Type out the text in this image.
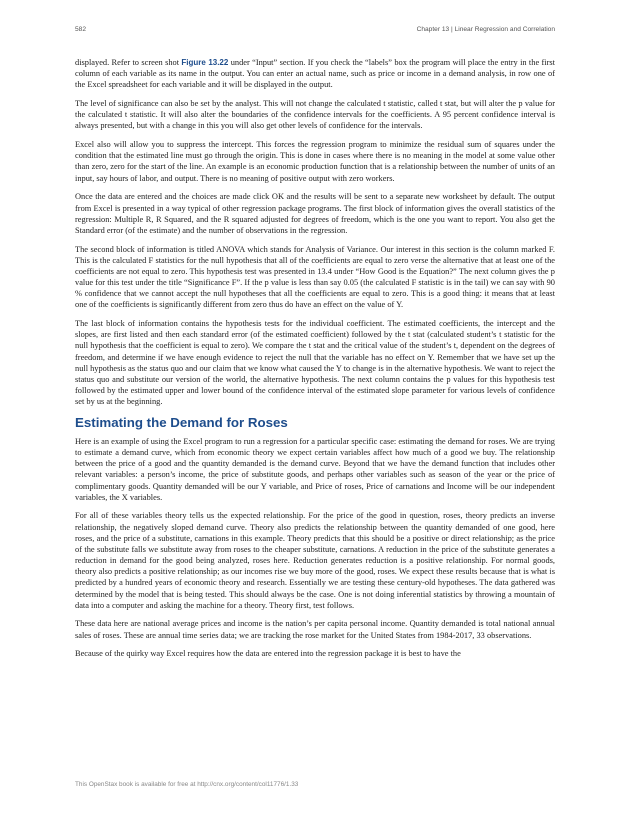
582	Chapter 13 | Linear Regression and Correlation

displayed. Refer to screen shot Figure 13.22 under “Input” section. If you check the “labels” box the program will place the entry in the first column of each variable as its name in the output. You can enter an actual name, such as price or income in a demand analysis, in row one of the Excel spreadsheet for each variable and it will be displayed in the output.

The level of significance can also be set by the analyst. This will not change the calculated t statistic, called t stat, but will alter the p value for the calculated t statistic. It will also alter the boundaries of the confidence intervals for the coefficients. A 95 percent confidence interval is always presented, but with a change in this you will also get other levels of confidence for the intervals.

Excel also will allow you to suppress the intercept. This forces the regression program to minimize the residual sum of squares under the condition that the estimated line must go through the origin. This is done in cases where there is no meaning in the model at some value other than zero, zero for the start of the line. An example is an economic production function that is a relationship between the number of units of an input, say hours of labor, and output. There is no meaning of positive output with zero workers.

Once the data are entered and the choices are made click OK and the results will be sent to a separate new worksheet by default. The output from Excel is presented in a way typical of other regression package programs. The first block of information gives the overall statistics of the regression: Multiple R, R Squared, and the R squared adjusted for degrees of freedom, which is the one you want to report. You also get the Standard error (of the estimate) and the number of observations in the regression.

The second block of information is titled ANOVA which stands for Analysis of Variance. Our interest in this section is the column marked F. This is the calculated F statistics for the null hypothesis that all of the coefficients are equal to zero verse the alternative that at least one of the coefficients are not equal to zero. This hypothesis test was presented in 13.4 under “How Good is the Equation?” The next column gives the p value for this test under the title “Significance F”. If the p value is less than say 0.05 (the calculated F statistic is in the tail) we can say with 90 % confidence that we cannot accept the null hypotheses that all the coefficients are equal to zero. This is a good thing: it means that at least one of the coefficients is significantly different from zero thus do have an effect on the value of Y.

The last block of information contains the hypothesis tests for the individual coefficient. The estimated coefficients, the intercept and the slopes, are first listed and then each standard error (of the estimated coefficient) followed by the t stat (calculated student’s t statistic for the null hypothesis that the coefficient is equal to zero). We compare the t stat and the critical value of the student’s t, dependent on the degrees of freedom, and determine if we have enough evidence to reject the null that the variable has no effect on Y. Remember that we have set up the null hypothesis as the status quo and our claim that we know what caused the Y to change is in the alternative hypothesis. We want to reject the status quo and substitute our version of the world, the alternative hypothesis. The next column contains the p values for this hypothesis test followed by the estimated upper and lower bound of the confidence interval of the estimated slope parameter for various levels of confidence set by us at the beginning.

Estimating the Demand for Roses

Here is an example of using the Excel program to run a regression for a particular specific case: estimating the demand for roses. We are trying to estimate a demand curve, which from economic theory we expect certain variables affect how much of a good we buy. The relationship between the price of a good and the quantity demanded is the demand curve. Beyond that we have the demand function that includes other relevant variables: a person’s income, the price of substitute goods, and perhaps other variables such as season of the year or the price of complimentary goods. Quantity demanded will be our Y variable, and Price of roses, Price of carnations and Income will be our independent variables, the X variables.

For all of these variables theory tells us the expected relationship. For the price of the good in question, roses, theory predicts an inverse relationship, the negatively sloped demand curve. Theory also predicts the relationship between the quantity demanded of one good, here roses, and the price of a substitute, carnations in this example. Theory predicts that this should be a positive or direct relationship; as the price of the substitute falls we substitute away from roses to the cheaper substitute, carnations. A reduction in the price of the substitute generates a reduction in demand for the good being analyzed, roses here. Reduction generates reduction is a positive relationship. For normal goods, theory also predicts a positive relationship; as our incomes rise we buy more of the good, roses. We expect these results because that is what is predicted by a hundred years of economic theory and research. Essentially we are testing these century-old hypotheses. The data gathered was determined by the model that is being tested. This should always be the case. One is not doing inferential statistics by throwing a mountain of data into a computer and asking the machine for a theory. Theory first, test follows.

These data here are national average prices and income is the nation’s per capita personal income. Quantity demanded is total national annual sales of roses. These are annual time series data; we are tracking the rose market for the United States from 1984-2017, 33 observations.

Because of the quirky way Excel requires how the data are entered into the regression package it is best to have the

This OpenStax book is available for free at http://cnx.org/content/col11776/1.33
